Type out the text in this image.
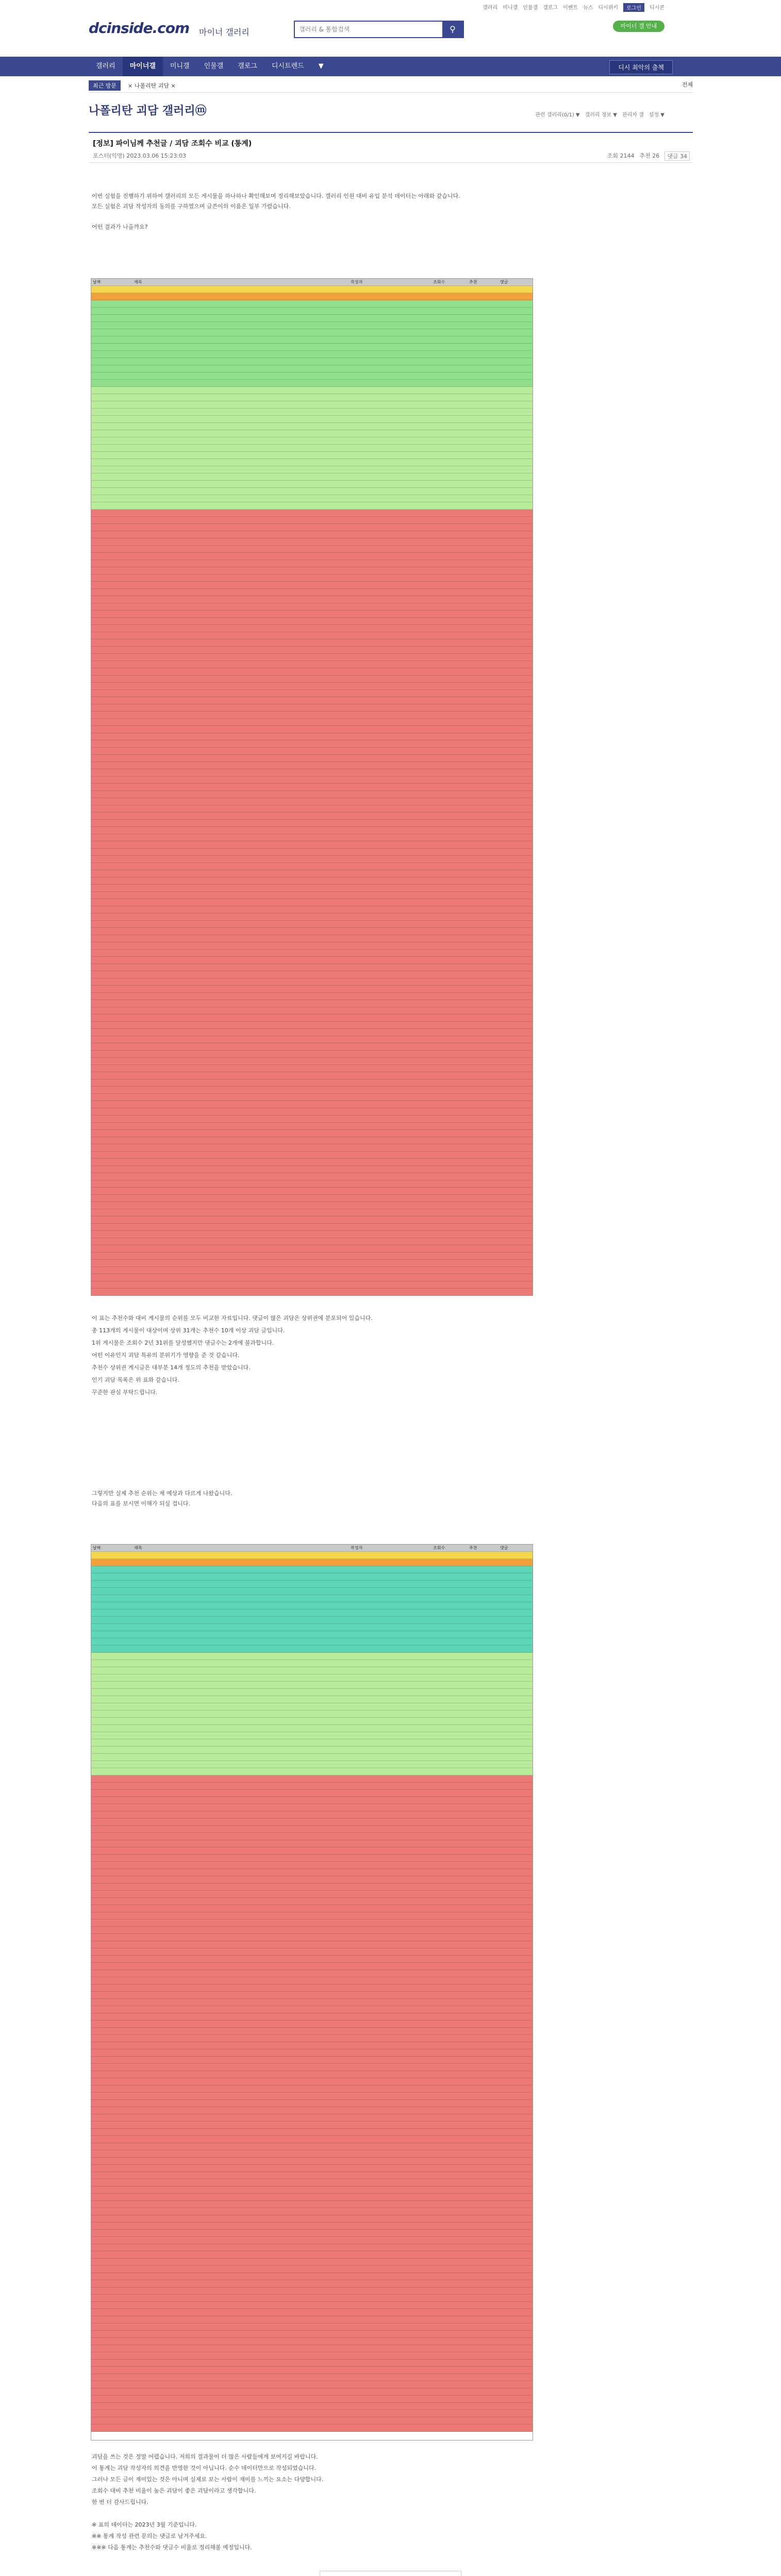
갤러리 미니갤 인물갤 갤로그 이벤트 뉴스 디시위키	로그인	디시콘
dcinside.com 마이너 갤러리
갤러리 & 통합검색	⚲	마이너 갤 안내
갤러리	마이너갤	미니갤	인물갤	갤로그	디시트렌드	▼	디시 최악의 출첵
최근 방문	× 나폴리탄 괴담 ×	전체
나폴리탄 괴담 갤러리ⓜ	관련 갤러리(0/1) ▼ 갤러리 정보 ▼ 관리자 갤 설정 ▼
[정보] 파이님께 추천글 / 괴담 조회수 비교 (통계)
포스터(익명) 2023.03.06 15:23:03	조회 2144 추천 26	댓글 34
이번 실험을 진행하기 위하여 갤러리의 모든 게시물을 하나하나 확인해보며 정리해보았습니다. 갤러리 인원 대비 유입 분석 데이터는 아래와 같습니다.
모든 실험은 괴담 작성자의 동의를 구하였으며 글쓴이의 이름은 일부 가렸습니다.
어떤 결과가 나올까요?
날짜	제목	작성자	조회수	추천	댓글
이 표는 추천수와 대비 게시물의 순위를 모두 비교한 자료입니다. 댓글이 많은 괴담은 상위권에 분포되어 있습니다.
총 113개의 게시물이 대상이며 상위 31개는 추천수 10개 이상 괴담 글입니다.
1위 게시물은 조회수 2년 31위를 달성했지만 댓글수는 2개에 불과합니다.
어떤 이유인지 괴담 특유의 분위기가 영향을 준 것 같습니다.
추천수 상위권 게시글은 대부분 14개 정도의 추천을 받았습니다.
인기 괴담 목록은 위 표와 같습니다.
꾸준한 관심 부탁드립니다.
그렇지만 실제 추천 순위는 제 예상과 다르게 나왔습니다.
다음의 표를 보시면 이해가 되실 겁니다.
날짜	제목	작성자	조회수	추천	댓글
괴담을 쓰는 것은 정말 어렵습니다. 저희의 결과물이 더 많은 사람들에게 보여지길 바랍니다.
이 통계는 괴담 작성자의 의견을 반영한 것이 아닙니다. 순수 데이터만으로 작성되었습니다.
그러나 모든 글이 재미있는 것은 아니며 실제로 보는 사람이 재미를 느끼는 요소는 다양합니다.
조회수 대비 추천 비율이 높은 괴담이 좋은 괴담이라고 생각합니다.
한 번 더 감사드립니다.
※ 표의 데이터는 2023년 3월 기준입니다.
※※ 통계 작성 관련 문의는 댓글로 남겨주세요.
※※※ 다음 통계는 추천수와 댓글수 비율로 정리해볼 예정입니다.
